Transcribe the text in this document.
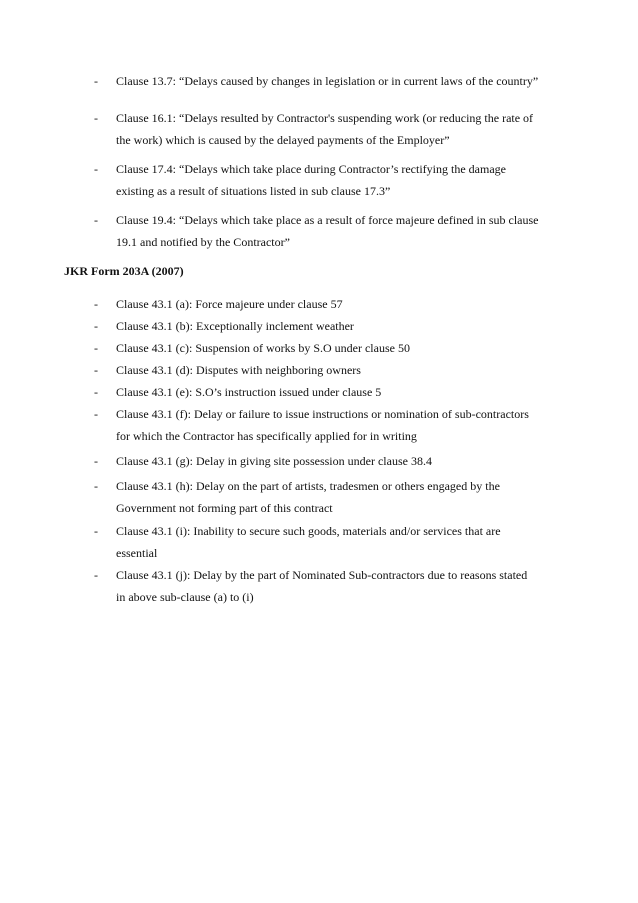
- Clause 13.7: “Delays caused by changes in legislation or in current laws of the country”
- Clause 16.1: “Delays resulted by Contractor's suspending work (or reducing the rate of
the work) which is caused by the delayed payments of the Employer”
- Clause 17.4: “Delays which take place during Contractor’s rectifying the damage
existing as a result of situations listed in sub clause 17.3”
- Clause 19.4: “Delays which take place as a result of force majeure defined in sub clause
19.1 and notified by the Contractor”
JKR Form 203A (2007)
- Clause 43.1 (a): Force majeure under clause 57
- Clause 43.1 (b): Exceptionally inclement weather
- Clause 43.1 (c): Suspension of works by S.O under clause 50
- Clause 43.1 (d): Disputes with neighboring owners
- Clause 43.1 (e): S.O’s instruction issued under clause 5
- Clause 43.1 (f): Delay or failure to issue instructions or nomination of sub-contractors
for which the Contractor has specifically applied for in writing
- Clause 43.1 (g): Delay in giving site possession under clause 38.4
- Clause 43.1 (h): Delay on the part of artists, tradesmen or others engaged by the
Government not forming part of this contract
- Clause 43.1 (i): Inability to secure such goods, materials and/or services that are
essential
- Clause 43.1 (j): Delay by the part of Nominated Sub-contractors due to reasons stated
in above sub-clause (a) to (i)
